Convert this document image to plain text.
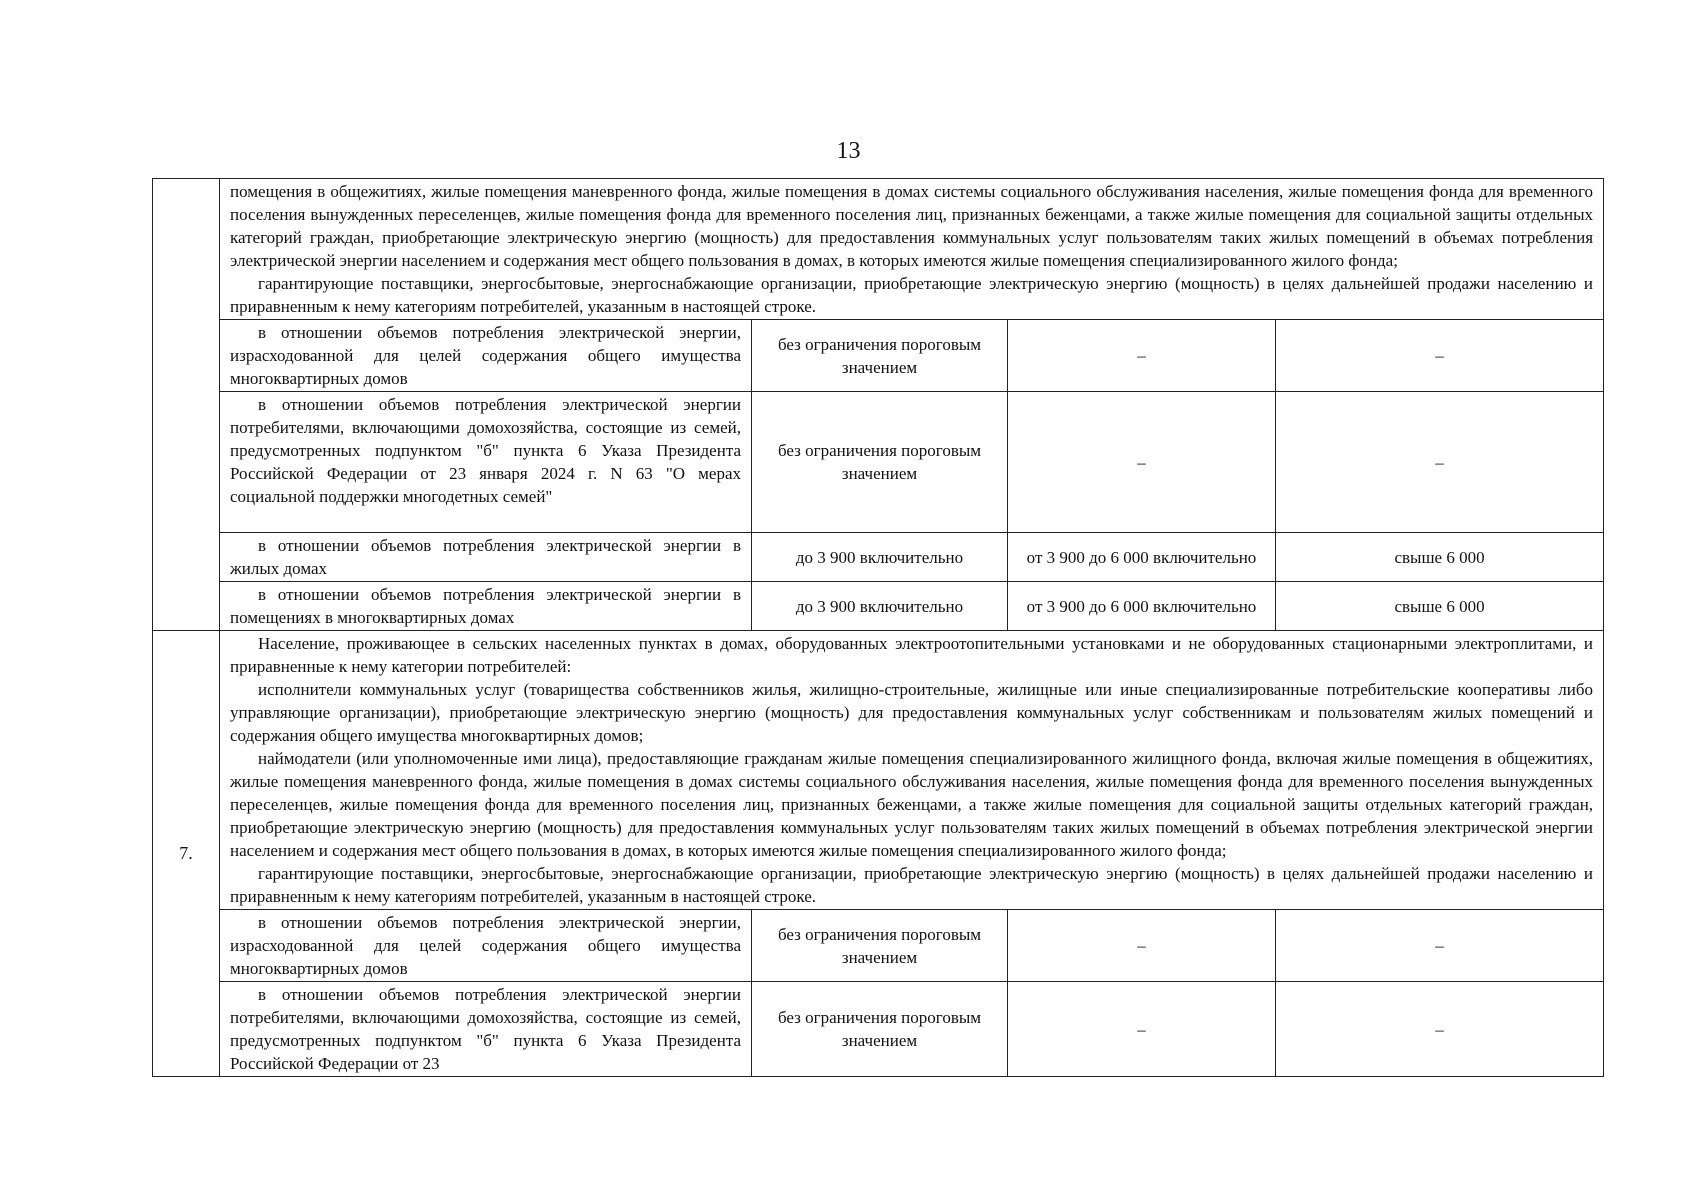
13

	помещения в общежитиях, жилые помещения маневренного фонда, жилые помещения в домах системы социального обслуживания населения, жилые помещения фонда для временного поселения вынужденных переселенцев, жилые помещения фонда для временного поселения лиц, признанных беженцами, а также жилые помещения для социальной защиты отдельных категорий граждан, приобретающие электрическую энергию (мощность) для предоставления коммунальных услуг пользователям таких жилых помещений в объемах потребления электрической энергии населением и содержания мест общего пользования в домах, в которых имеются жилые помещения специализированного жилого фонда;

гарантирующие поставщики, энергосбытовые, энергоснабжающие организации, приобретающие электрическую энергию (мощность) в целях дальнейшей продажи населению и приравненным к нему категориям потребителей, указанным в настоящей строке.			

	в отношении объемов потребления электрической энергии, израсходованной для целей содержания общего имущества многоквартирных домов	без ограничения пороговым значением	–	–
	в отношении объемов потребления электрической энергии потребителями, включающими домохозяйства, состоящие из семей, предусмотренных подпунктом "б" пункта 6 Указа Президента Российской Федерации от 23 января 2024 г. N 63 "О мерах социальной поддержки многодетных семей"	без ограничения пороговым значением	–	–
	в отношении объемов потребления электрической энергии в жилых домах	до 3 900 включительно	от 3 900 до 6 000 включительно	свыше 6 000
	в отношении объемов потребления электрической энергии в помещениях в многоквартирных домах	до 3 900 включительно	от 3 900 до 6 000 включительно	свыше 6 000
7.	Население, проживающее в сельских населенных пунктах в домах, оборудованных электроотопительными установками и не оборудованных стационарными электроплитами, и приравненные к нему категории потребителей:

исполнители коммунальных услуг (товарищества собственников жилья, жилищно-строительные, жилищные или иные специализированные потребительские кооперативы либо управляющие организации), приобретающие электрическую энергию (мощность) для предоставления коммунальных услуг собственникам и пользователям жилых помещений и содержания общего имущества многоквартирных домов;

наймодатели (или уполномоченные ими лица), предоставляющие гражданам жилые помещения специализированного жилищного фонда, включая жилые помещения в общежитиях, жилые помещения маневренного фонда, жилые помещения в домах системы социального обслуживания населения, жилые помещения фонда для временного поселения вынужденных переселенцев, жилые помещения фонда для временного поселения лиц, признанных беженцами, а также жилые помещения для социальной защиты отдельных категорий граждан, приобретающие электрическую энергию (мощность) для предоставления коммунальных услуг пользователям таких жилых помещений в объемах потребления электрической энергии населением и содержания мест общего пользования в домах, в которых имеются жилые помещения специализированного жилого фонда;

гарантирующие поставщики, энергосбытовые, энергоснабжающие организации, приобретающие электрическую энергию (мощность) в целях дальнейшей продажи населению и приравненным к нему категориям потребителей, указанным в настоящей строке.			

	в отношении объемов потребления электрической энергии, израсходованной для целей содержания общего имущества многоквартирных домов	без ограничения пороговым значением	–	–
	в отношении объемов потребления электрической энергии потребителями, включающими домохозяйства, состоящие из семей, предусмотренных подпунктом "б" пункта 6 Указа Президента Российской Федерации от 23	без ограничения пороговым значением	–	–
